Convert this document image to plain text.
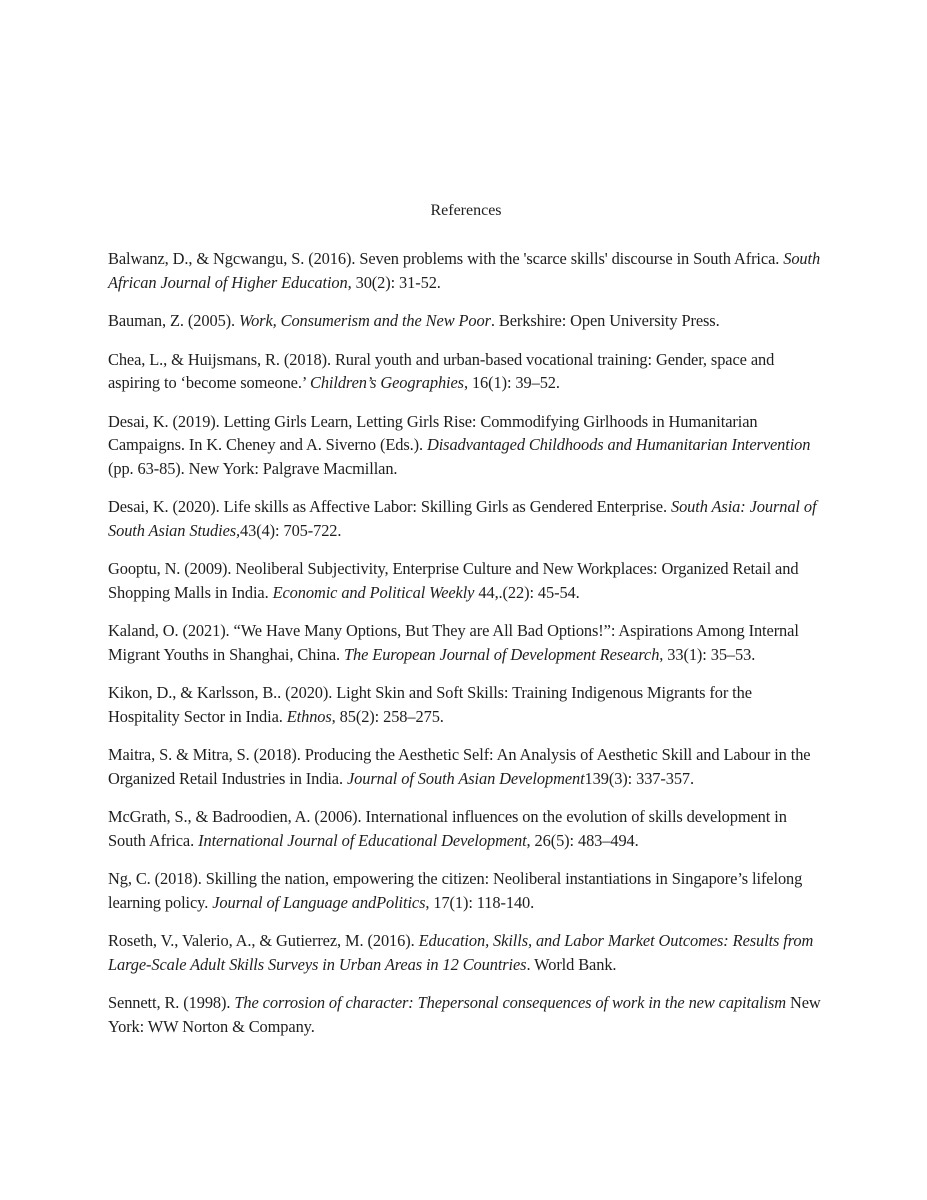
References
Balwanz, D., & Ngcwangu, S. (2016). Seven problems with the 'scarce skills' discourse in South Africa. South African Journal of Higher Education, 30(2): 31-52.
Bauman, Z. (2005). Work, Consumerism and the New Poor. Berkshire: Open University Press.
Chea, L., & Huijsmans, R. (2018). Rural youth and urban-based vocational training: Gender, space and aspiring to ‘become someone.’ Children’s Geographies, 16(1): 39–52.
Desai, K. (2019). Letting Girls Learn, Letting Girls Rise: Commodifying Girlhoods in Humanitarian Campaigns. In K. Cheney and A. Siverno (Eds.). Disadvantaged Childhoods and Humanitarian Intervention (pp. 63-85). New York: Palgrave Macmillan.
Desai, K. (2020). Life skills as Affective Labor: Skilling Girls as Gendered Enterprise. South Asia: Journal of South Asian Studies,43(4): 705-722.
Gooptu, N. (2009). Neoliberal Subjectivity, Enterprise Culture and New Workplaces: Organized Retail and Shopping Malls in India. Economic and Political Weekly 44,.(22): 45-54.
Kaland, O. (2021). “We Have Many Options, But They are All Bad Options!”: Aspirations Among Internal Migrant Youths in Shanghai, China. The European Journal of Development Research, 33(1): 35–53.
Kikon, D., & Karlsson, B.. (2020). Light Skin and Soft Skills: Training Indigenous Migrants for the Hospitality Sector in India. Ethnos, 85(2): 258–275.
Maitra, S. & Mitra, S. (2018). Producing the Aesthetic Self: An Analysis of Aesthetic Skill and Labour in the Organized Retail Industries in India. Journal of South Asian Development139(3): 337-357.
McGrath, S., & Badroodien, A. (2006). International influences on the evolution of skills development in South Africa. International Journal of Educational Development, 26(5): 483–494.
Ng, C. (2018). Skilling the nation, empowering the citizen: Neoliberal instantiations in Singapore’s lifelong learning policy. Journal of Language andPolitics, 17(1): 118-140.
Roseth, V., Valerio, A., & Gutierrez, M. (2016). Education, Skills, and Labor Market Outcomes: Results from Large-Scale Adult Skills Surveys in Urban Areas in 12 Countries. World Bank.
Sennett, R. (1998). The corrosion of character: Thepersonal consequences of work in the new capitalism New York: WW Norton & Company.
